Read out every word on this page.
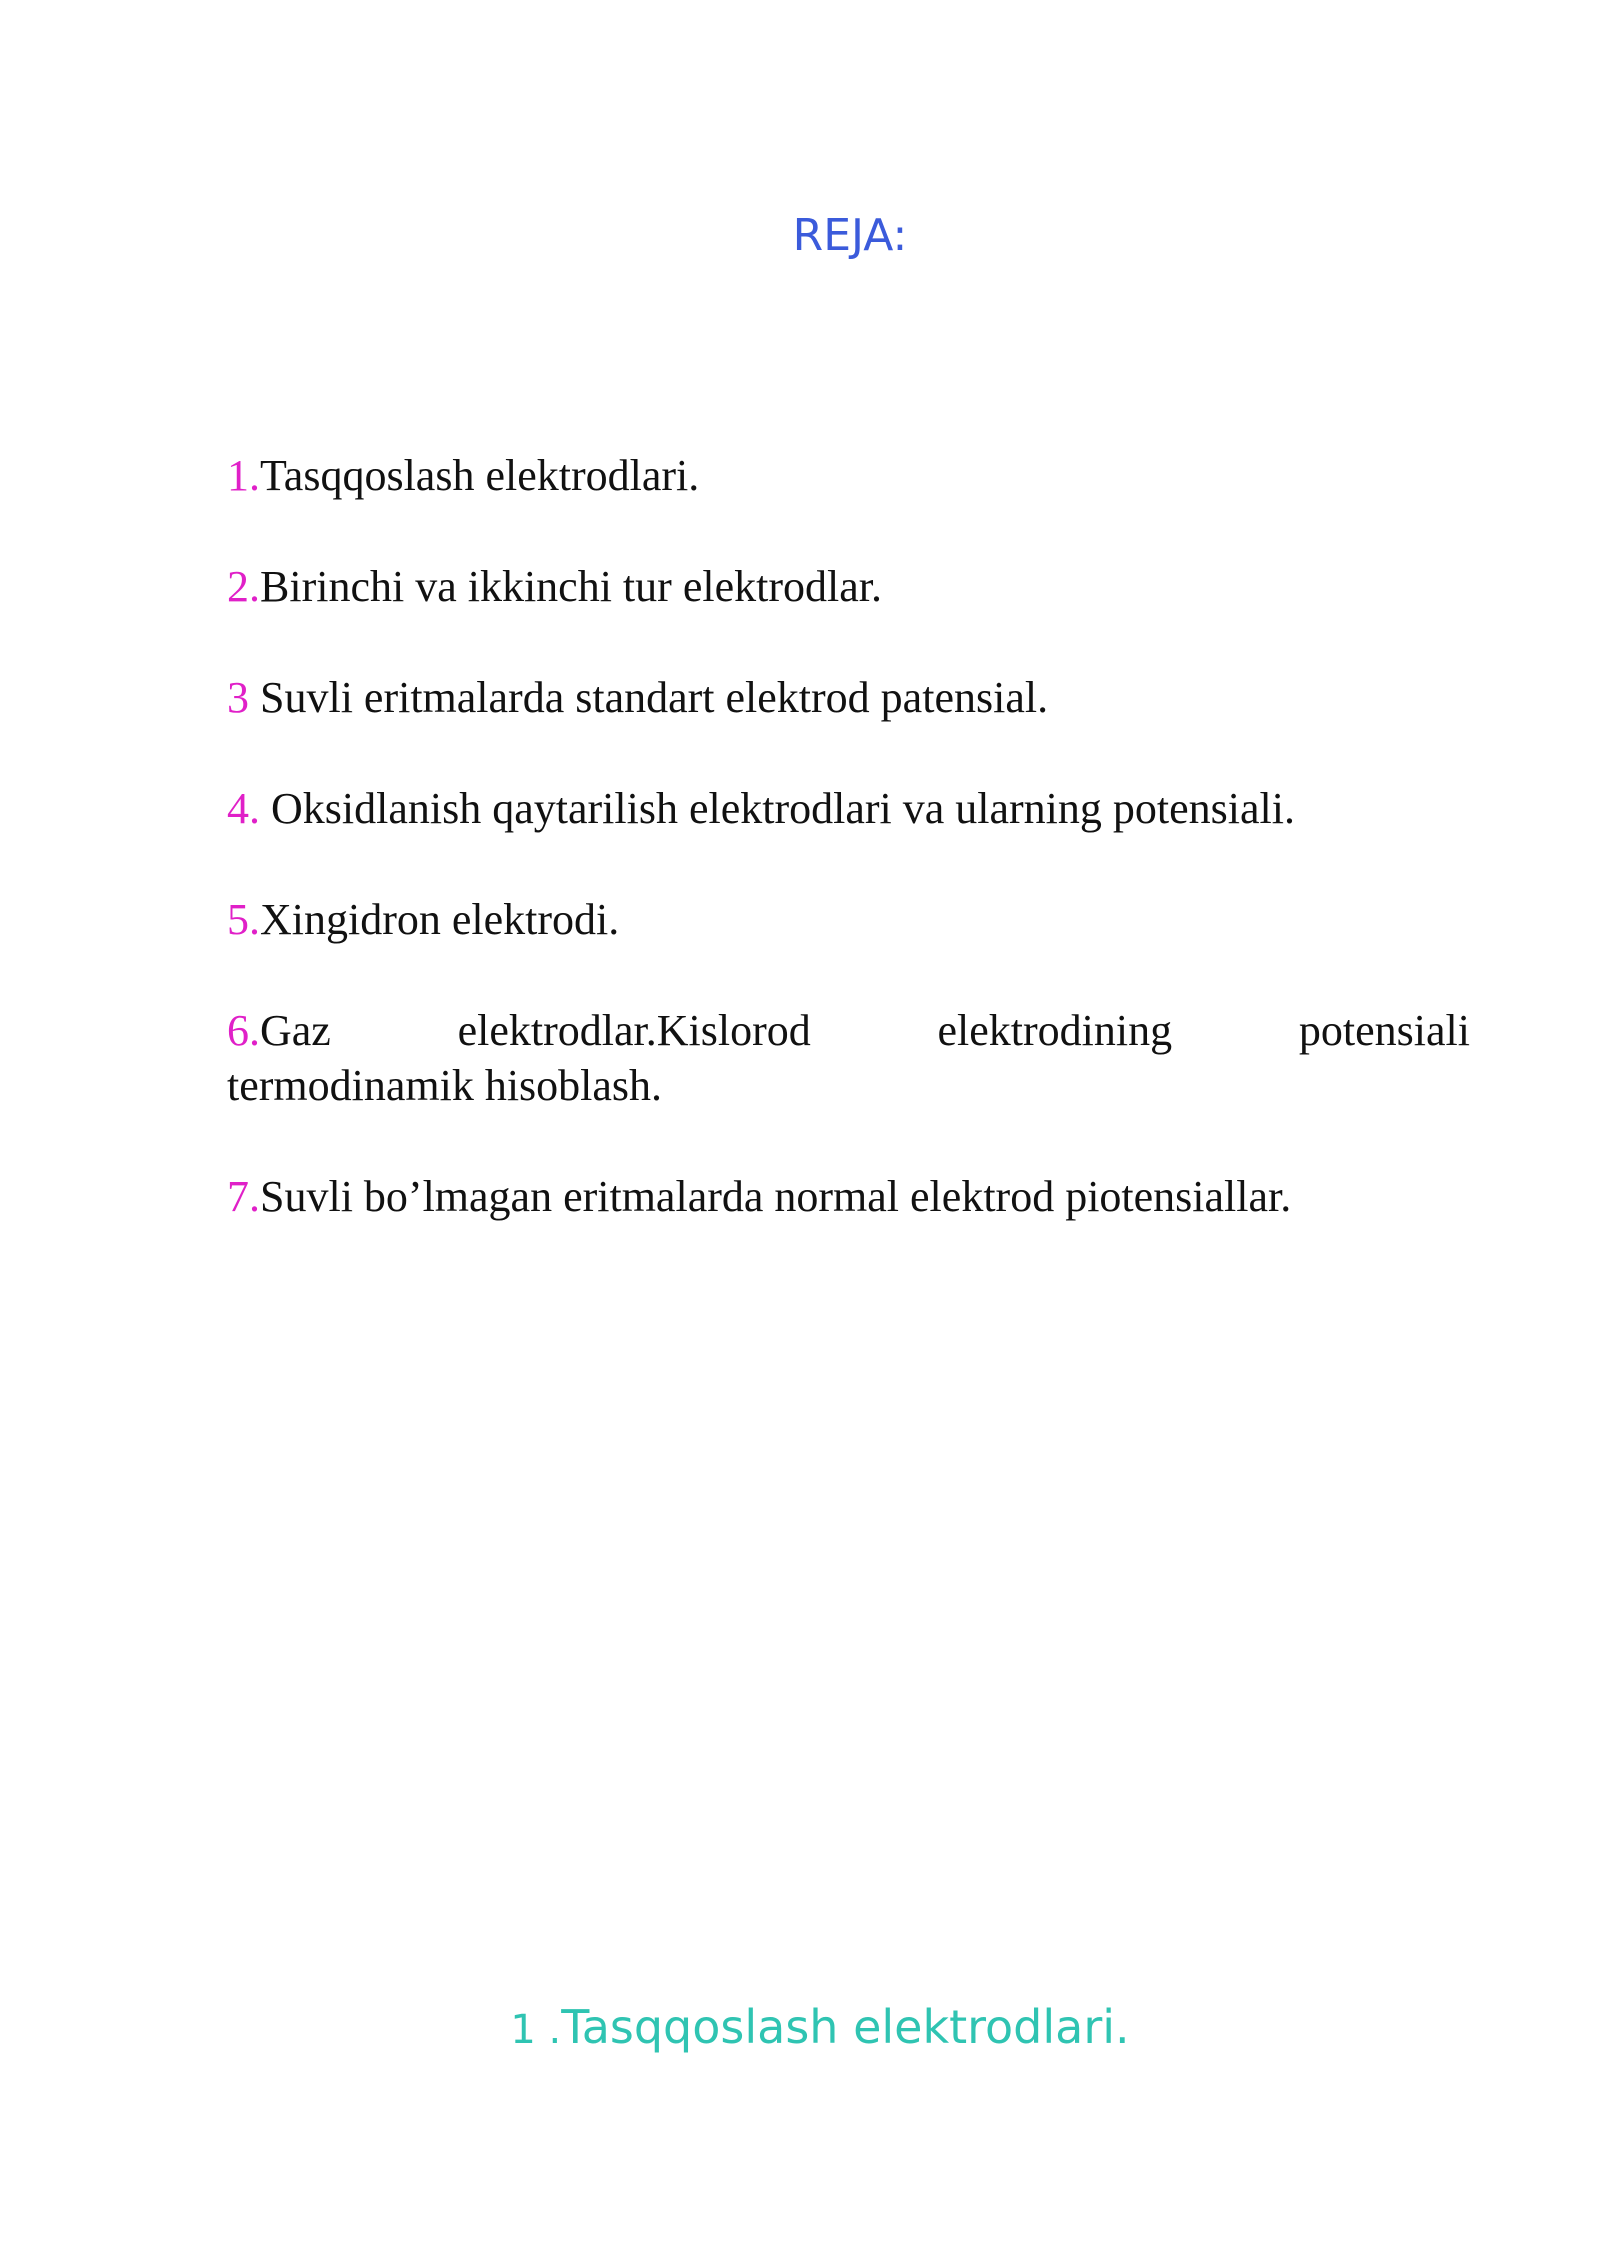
REJA:
1.Tasqqoslash elektrodlari.
2.Birinchi va ikkinchi tur elektrodlar.
3 Suvli eritmalarda standart elektrod patensial.
4. Oksidlanish qaytarilish elektrodlari va ularning potensiali.
5.Xingidron elektrodi.
6.Gaz	elektrodlar.Kislorod	elektrodining	potensiali
termodinamik hisoblash.
7.Suvli bo’lmagan eritmalarda normal elektrod piotensiallar.
1 .Tasqqoslash elektrodlari.
